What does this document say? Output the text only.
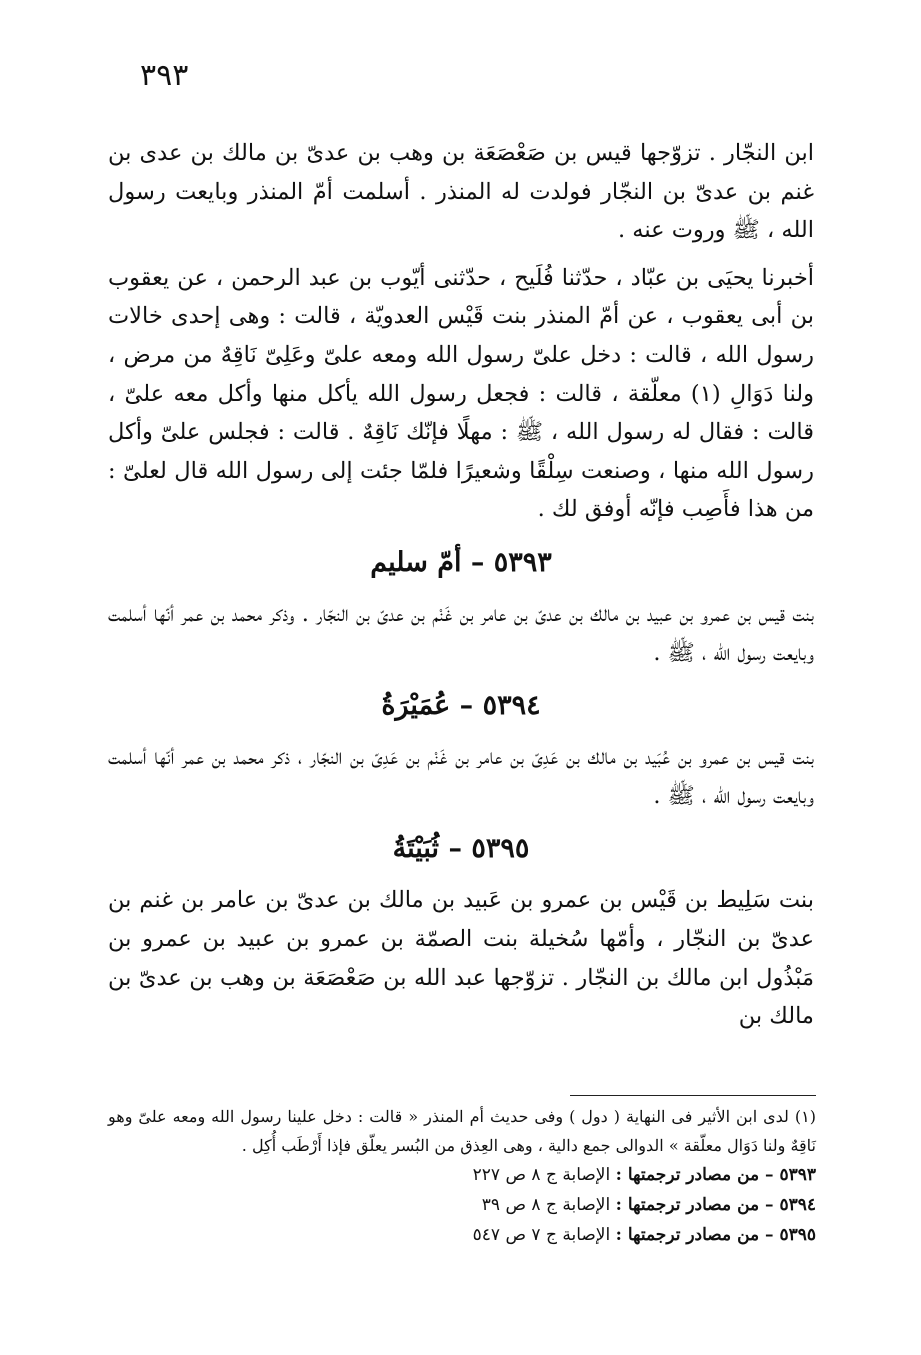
٣٩٣

ابن النجّار . تزوّجها قيس بن صَعْصَعَة بن وهب بن عدىّ بن مالك بن عدى بن غنم بن عدىّ بن النجّار فولدت له المنذر . أسلمت أمّ المنذر وبايعت رسول الله ، ﷺ وروت عنه .

أخبرنا يحيَى بن عبّاد ، حدّثنا فُلَيح ، حدّثنى أيّوب بن عبد الرحمن ، عن يعقوب بن أبى يعقوب ، عن أمّ المنذر بنت قَيْس العدويّة ، قالت : وهى إحدى خالات رسول الله ، قالت : دخل علىّ رسول الله ومعه علىّ وعَلِىّ نَاقِهٌ من مرض ، ولنا دَوَالِ (١) معلّقة ، قالت : فجعل رسول الله يأكل منها وأكل معه علىّ ، قالت : فقال له رسول الله ، ﷺ : مهلًا فإنّك نَاقِهٌ . قالت : فجلس علىّ وأكل رسول الله منها ، وصنعت سِلْقًا وشعيرًا فلمّا جئت إلى رسول الله قال لعلىّ : من هذا فأَصِب فإنّه أوفق لك .

٥٣٩٣ – أمّ سليم

بنت قيس بن عمرو بن عبيد بن مالك بن عدىّ بن عامر بن غَنْم بن عدىّ بن النجّار . وذكر محمد بن عمر أنّها أسلمت وبايعت رسول الله ، ﷺ .

٥٣٩٤ – عُمَيْرَةُ

بنت قيس بن عمرو بن عُبَيد بن مالك بن عَدِىّ بن عامر بن غَنْم بن عَدِىّ بن النجّار ، ذكر محمد بن عمر أنّها أسلمت وبايعت رسول الله ، ﷺ .

٥٣٩٥ – ثُبَيْتَةُ

بنت سَلِيط بن قَيْس بن عمرو بن عَبيد بن مالك بن عدىّ بن عامر بن غنم بن عدىّ بن النجّار ، وأمّها سُخيلة بنت الصمّة بن عمرو بن عبيد بن عمرو بن مَبْذُول ابن مالك بن النجّار . تزوّجها عبد الله بن صَعْصَعَة بن وهب بن عدىّ بن مالك بن

(١) لدى ابن الأثير فى النهاية ( دول ) وفى حديث أم المنذر « قالت : دخل علينا رسول الله ومعه علىّ وهو نَاقِهٌ ولنا دَوَال معلّقة » الدوالى جمع دالية ، وهى العِذق من البُسر يعلّق فإذا أَرْطَب أُكِل .

٥٣٩٣ – من مصادر ترجمتها : الإصابة ج ٨ ص ٢٢٧

٥٣٩٤ – من مصادر ترجمتها : الإصابة ج ٨ ص ٣٩

٥٣٩٥ – من مصادر ترجمتها : الإصابة ج ٧ ص ٥٤٧
